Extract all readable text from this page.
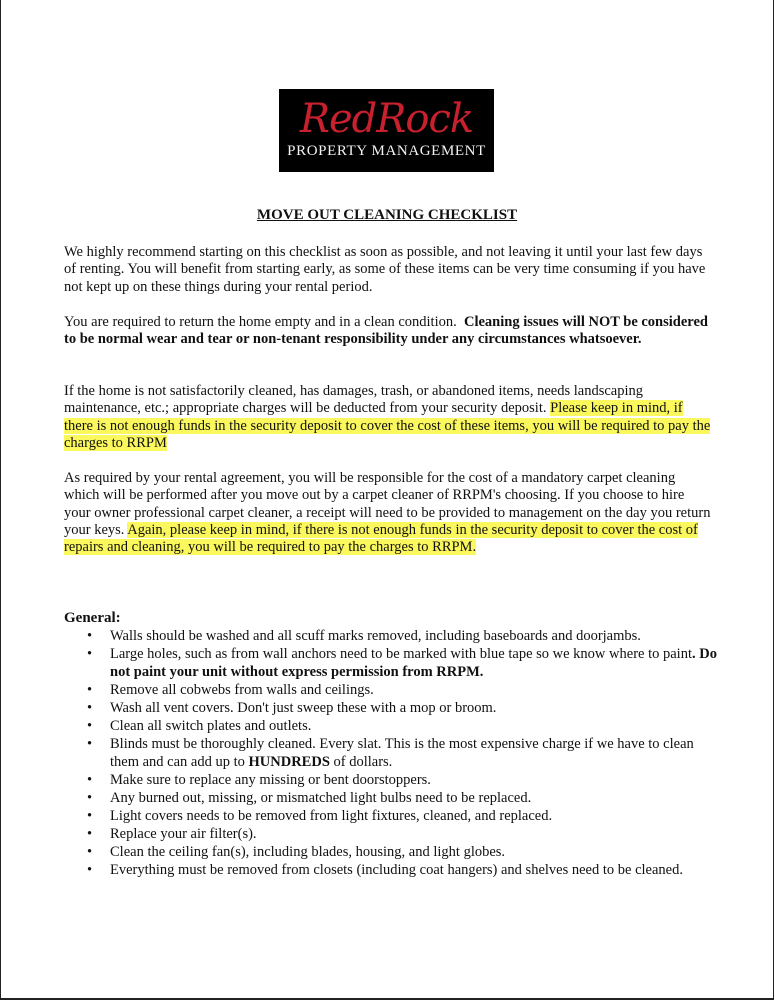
RedRock
PROPERTY MANAGEMENT
MOVE OUT CLEANING CHECKLIST

We highly recommend starting on this checklist as soon as possible, and not leaving it until your last few days of renting. You will benefit from starting early, as some of these items can be very time consuming if you have not kept up on these things during your rental period.

You are required to return the home empty and in a clean condition. Cleaning issues will NOT be considered to be normal wear and tear or non-tenant responsibility under any circumstances whatsoever.

If the home is not satisfactorily cleaned, has damages, trash, or abandoned items, needs landscaping maintenance, etc.; appropriate charges will be deducted from your security deposit. Please keep in mind, if there is not enough funds in the security deposit to cover the cost of these items, you will be required to pay the charges to RRPM

As required by your rental agreement, you will be responsible for the cost of a mandatory carpet cleaning which will be performed after you move out by a carpet cleaner of RRPM's choosing. If you choose to hire your owner professional carpet cleaner, a receipt will need to be provided to management on the day you return your keys. Again, please keep in mind, if there is not enough funds in the security deposit to cover the cost of repairs and cleaning, you will be required to pay the charges to RRPM.

General:
• Walls should be washed and all scuff marks removed, including baseboards and doorjambs.
• Large holes, such as from wall anchors need to be marked with blue tape so we know where to paint. Do not paint your unit without express permission from RRPM.
• Remove all cobwebs from walls and ceilings.
• Wash all vent covers. Don't just sweep these with a mop or broom.
• Clean all switch plates and outlets.
• Blinds must be thoroughly cleaned. Every slat. This is the most expensive charge if we have to clean them and can add up to HUNDREDS of dollars.
• Make sure to replace any missing or bent doorstoppers.
• Any burned out, missing, or mismatched light bulbs need to be replaced.
• Light covers needs to be removed from light fixtures, cleaned, and replaced.
• Replace your air filter(s).
• Clean the ceiling fan(s), including blades, housing, and light globes.
• Everything must be removed from closets (including coat hangers) and shelves need to be cleaned.
